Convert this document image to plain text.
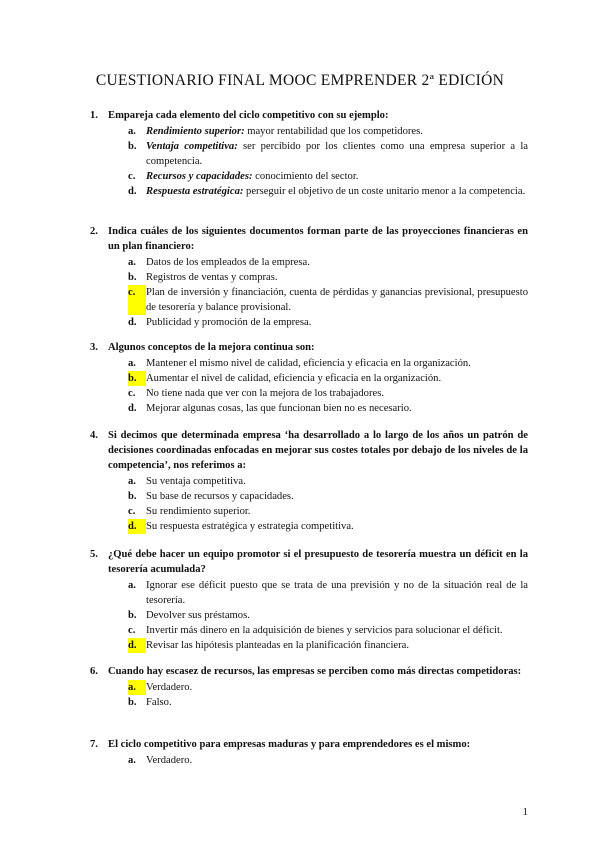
CUESTIONARIO FINAL MOOC EMPRENDER 2ª EDICIÓN
1. Empareja cada elemento del ciclo competitivo con su ejemplo:
a. Rendimiento superior: mayor rentabilidad que los competidores.
b. Ventaja competitiva: ser percibido por los clientes como una empresa superior a la competencia.
c.	Recursos y capacidades: conocimiento del sector.
d. Respuesta estratégica: perseguir el objetivo de un coste unitario menor a la competencia.
2. Indica cuáles de los siguientes documentos forman parte de las proyecciones financieras en un plan financiero:
a. Datos de los empleados de la empresa.
b. Registros de ventas y compras.
c.	Plan de inversión y financiación, cuenta de pérdidas y ganancias previsional, presupuesto de tesorería y balance provisional.
d. Publicidad y promoción de la empresa.
3. Algunos conceptos de la mejora continua son:
a. Mantener el mismo nivel de calidad, eficiencia y eficacia en la organización.
b. Aumentar el nivel de calidad, eficiencia y eficacia en la organización.
c.	No tiene nada que ver con la mejora de los trabajadores.
d. Mejorar algunas cosas, las que funcionan bien no es necesario.
4. Si decimos que determinada empresa ‘ha desarrollado a lo largo de los años un patrón de decisiones coordinadas enfocadas en mejorar sus costes totales por debajo de los niveles de la competencia’, nos referimos a:
a. Su ventaja competitiva.
b. Su base de recursos y capacidades.
c.	Su rendimiento superior.
d. Su respuesta estratégica y estrategia competitiva.
5. ¿Qué debe hacer un equipo promotor si el presupuesto de tesorería muestra un déficit en la tesorería acumulada?
a. Ignorar ese déficit puesto que se trata de una previsión y no de la situación real de la tesorería.
b. Devolver sus préstamos.
c.	Invertir más dinero en la adquisición de bienes y servicios para solucionar el déficit.
d. Revisar las hipótesis planteadas en la planificación financiera.
6. Cuando hay escasez de recursos, las empresas se perciben como más directas competidoras:
a. Verdadero.
b. Falso.
7. El ciclo competitivo para empresas maduras y para emprendedores es el mismo:
a. Verdadero.
1
